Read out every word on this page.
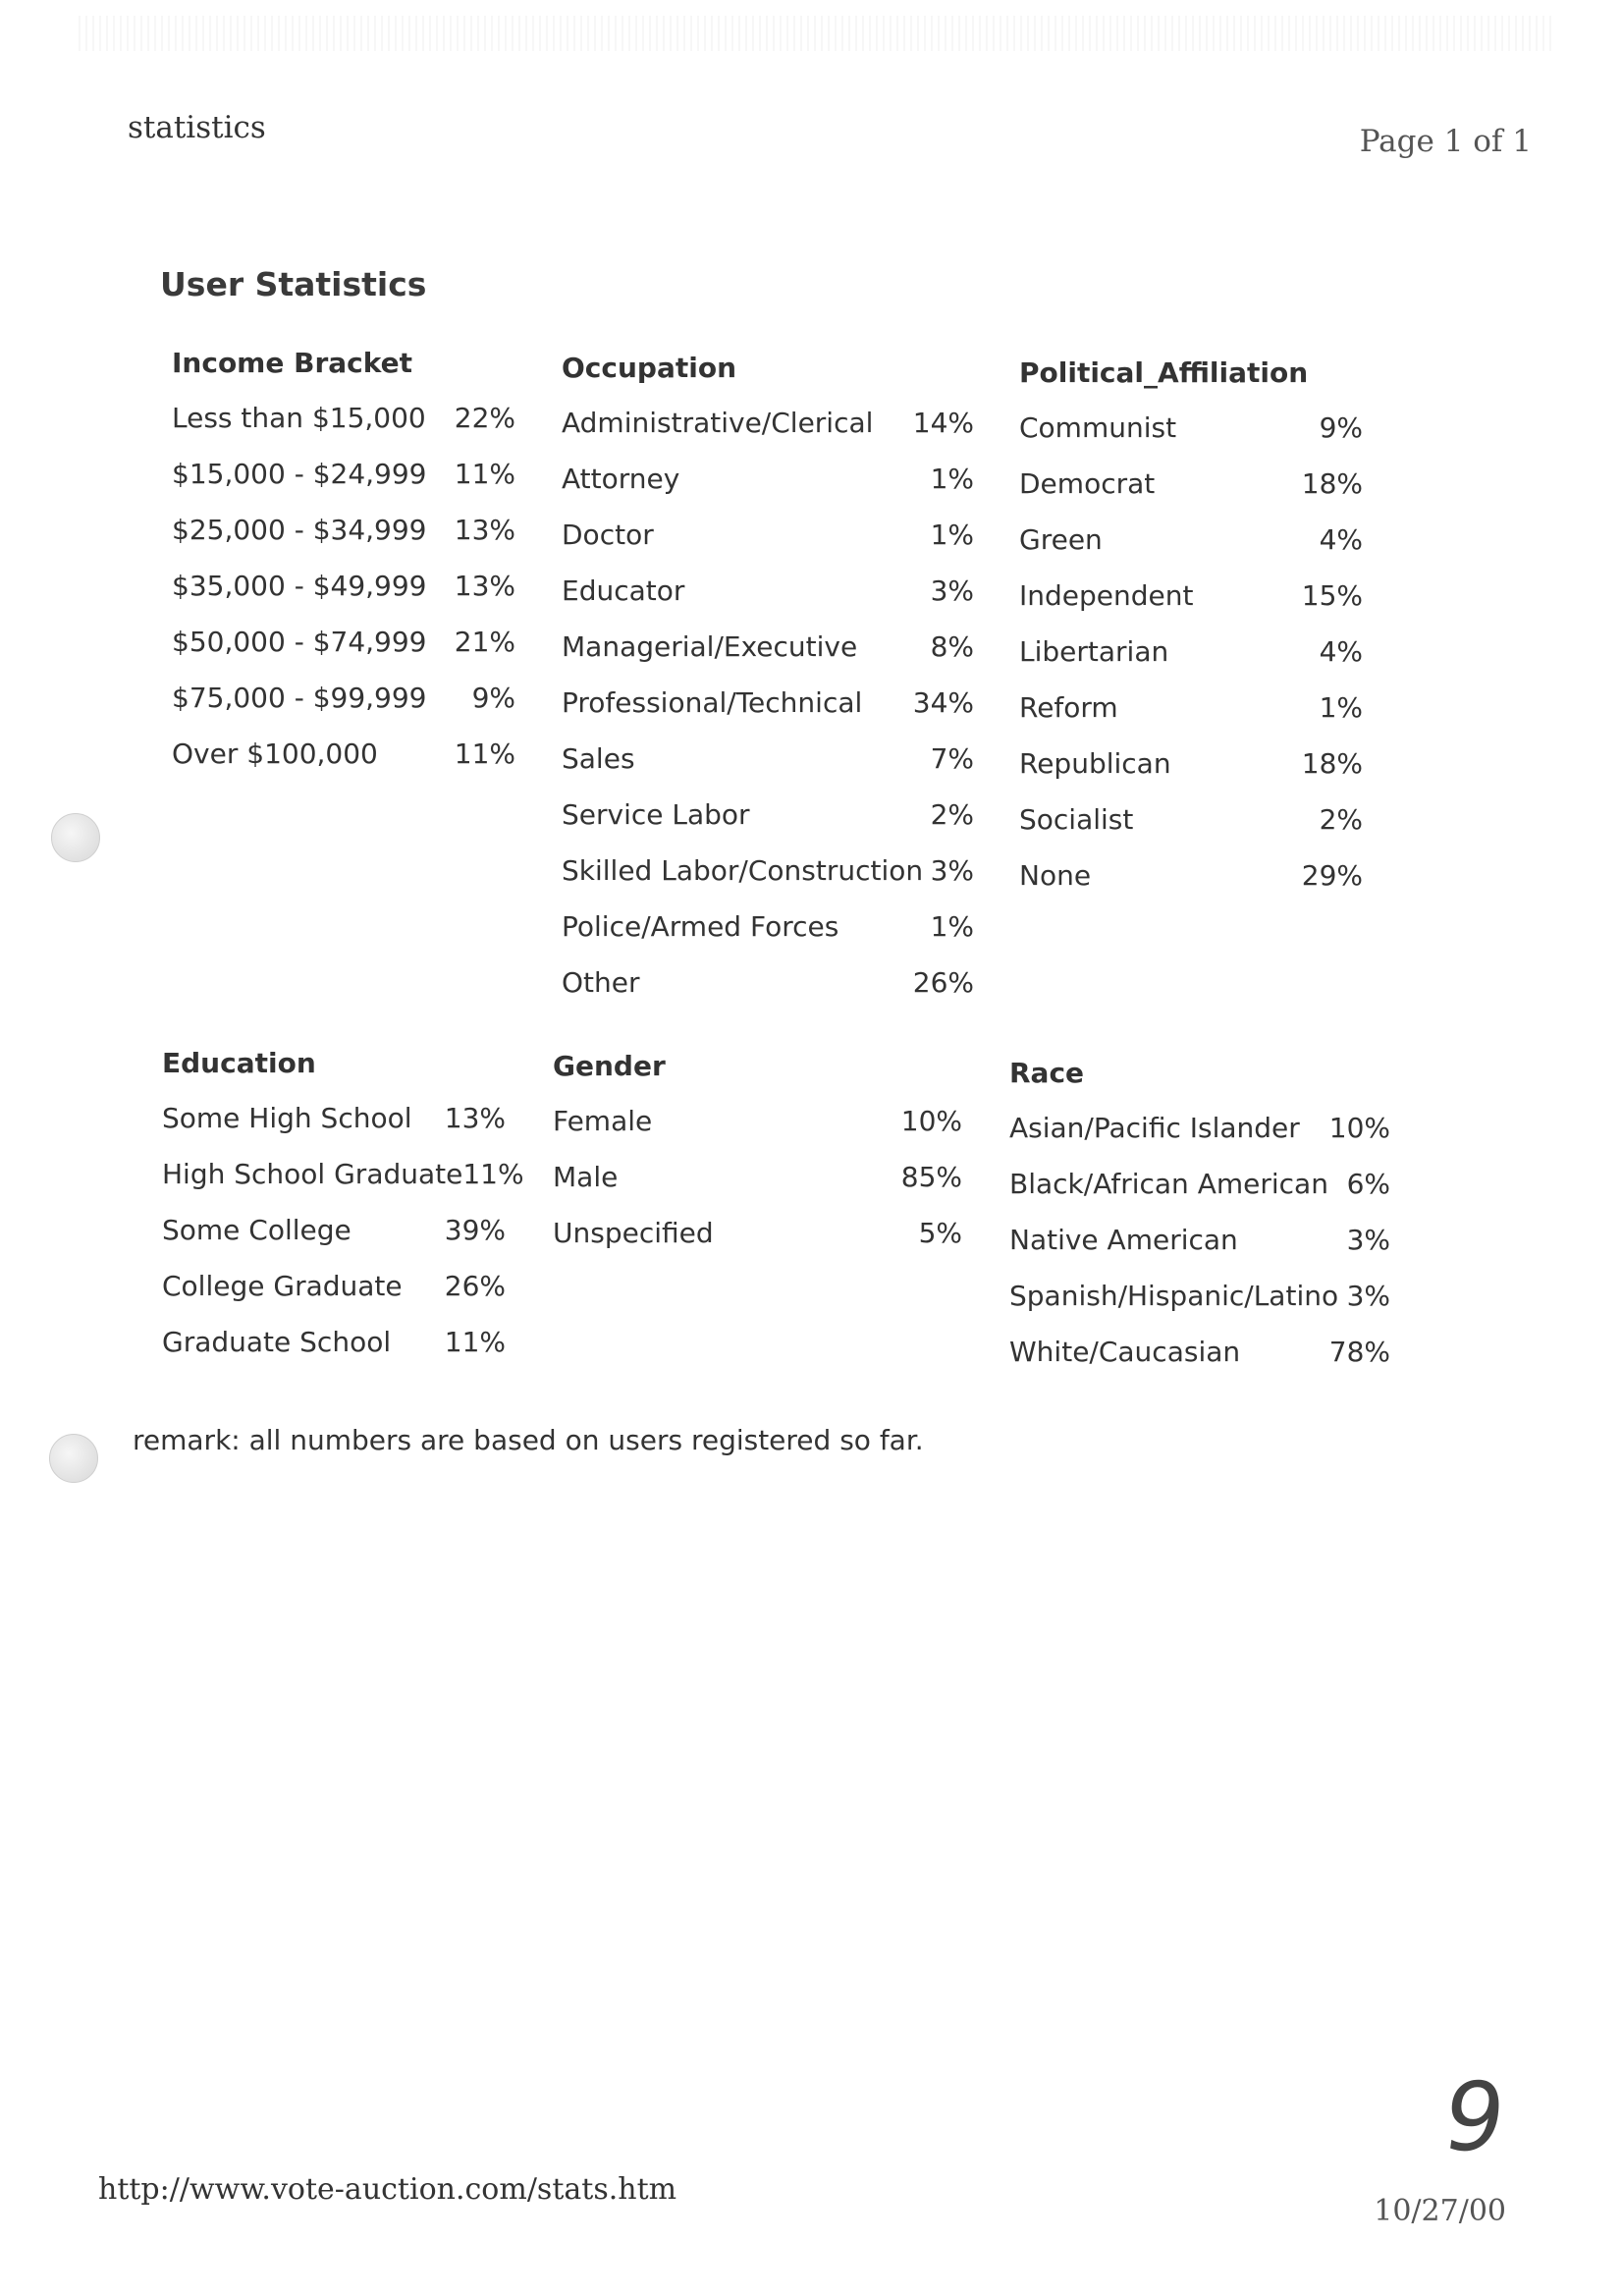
statistics	Page 1 of 1
User Statistics
Income Bracket
Less than $15,000	22%
$15,000 - $24,999	11%
$25,000 - $34,999	13%
$35,000 - $49,999	13%
$50,000 - $74,999	21%
$75,000 - $99,999	9%
Over $100,000	11%
Occupation
Administrative/Clerical	14%
Attorney	1%
Doctor	1%
Educator	3%
Managerial/Executive	8%
Professional/Technical	34%
Sales	7%
Service Labor	2%
Skilled Labor/Construction 3%
Police/Armed Forces	1%
Other	26%
Political_Affiliation
Communist	9%
Democrat	18%
Green	4%
Independent	15%
Libertarian	4%
Reform	1%
Republican	18%
Socialist	2%
None	29%
Education
Some High School	13%
High School Graduate 11%
Some College	39%
College Graduate	26%
Graduate School	11%
Gender
Female	10%
Male	85%
Unspecified	5%
Race
Asian/Pacific Islander	10%
Black/African American 6%
Native American	3%
Spanish/Hispanic/Latino 3%
White/Caucasian	78%
remark: all numbers are based on users registered so far.
9
http://www.vote-auction.com/stats.htm
10/27/00
